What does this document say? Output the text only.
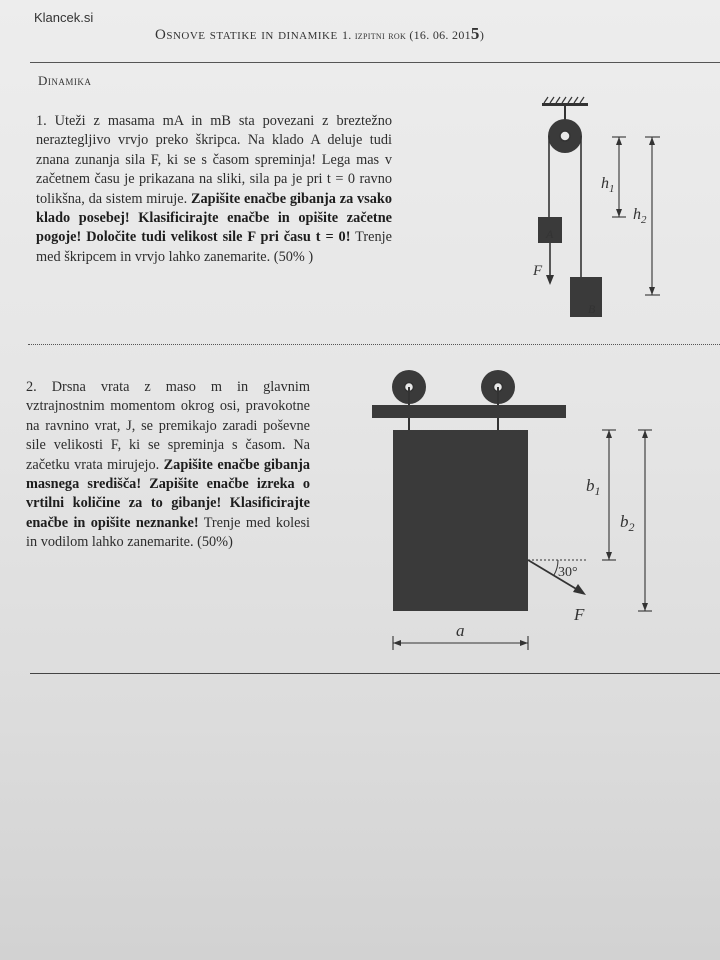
Klancek.si
Osnove statike in dinamike 1. izpitni rok (16. 06. 2015)
Dinamika
1. Uteži z masama mA in mB sta povezani z breztežno neraztegljivo vrvjo preko škripca. Na klado A deluje tudi znana zunanja sila F, ki se s časom spreminja! Lega mas v začetnem času je prikazana na sliki, sila pa je pri t = 0 ravno tolikšna, da sistem miruje. Zapišite enačbe gibanja za vsako klado posebej! Klasificirajte enačbe in opišite začetne pogoje! Določite tudi velikost sile F pri času t = 0! Trenje med škripcem in vrvjo lahko zanemarite. (50% )
A
F
B
$h_1$
$h_2$
2. Drsna vrata z maso m in glavnim vztrajnostnim momentom okrog osi, pravokotne na ravnino vrat, J, se premikajo zaradi poševne sile velikosti F, ki se spreminja s časom. Na začetku vrata mirujejo. Zapišite enačbe gibanja masnega središča! Zapišite enačbe izreka o vrtilni količine za to gibanje! Klasificirajte enačbe in opišite neznanke! Trenje med kolesi in vodilom lahko zanemarite. (50%)
30°
F
$b_1$
$b_2$
a
